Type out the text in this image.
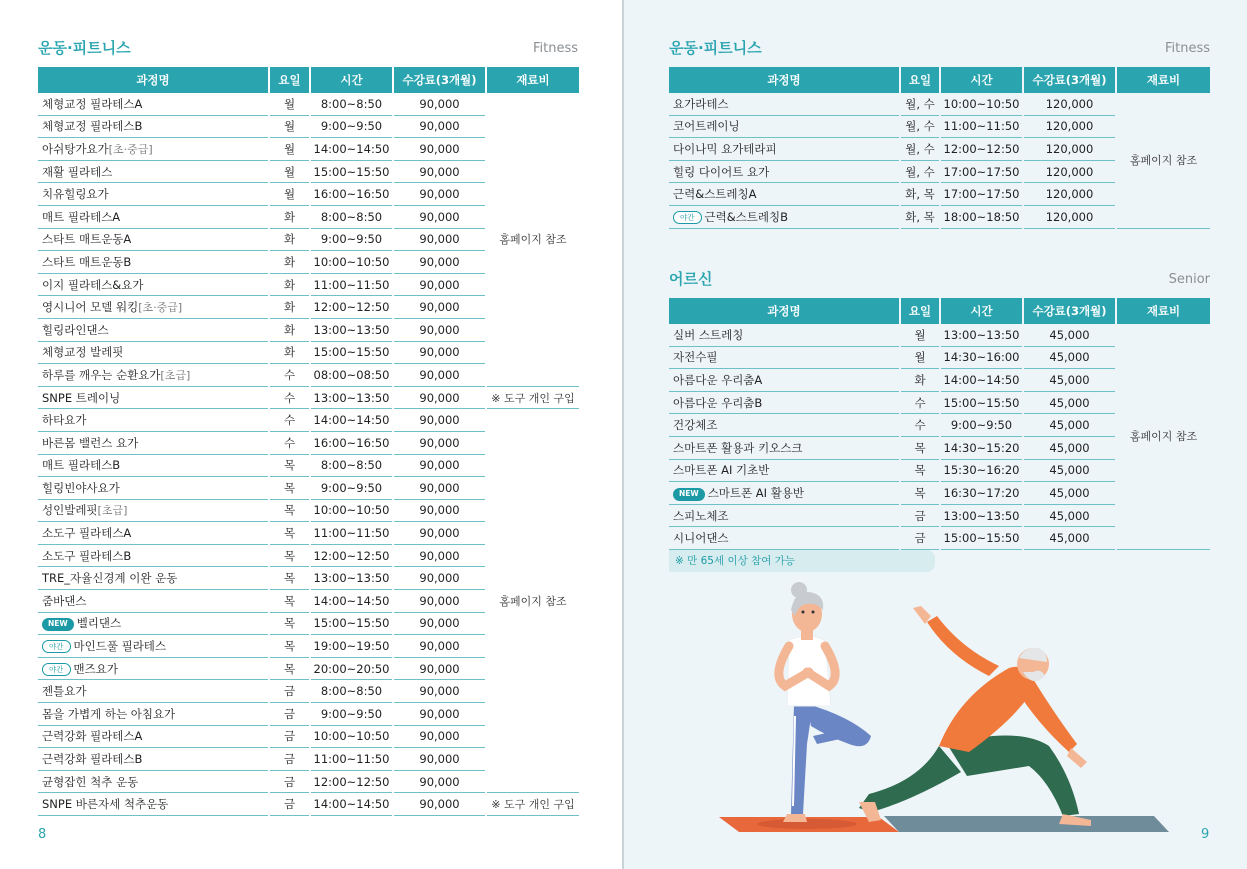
운동·피트니스	Fitness
과정명	요일	시간	수강료(3개월)	재료비
체형교정 필라테스A	월	8:00~8:50	90,000	홈페이지 참조
체형교정 필라테스B	월	9:00~9:50	90,000	
아쉬탕가요가[초·중급]	월	14:00~14:50	90,000	
재활 필라테스	월	15:00~15:50	90,000	
치유힐링요가	월	16:00~16:50	90,000	
매트 필라테스A	화	8:00~8:50	90,000	
스타트 매트운동A	화	9:00~9:50	90,000	
스타트 매트운동B	화	10:00~10:50	90,000	
이지 필라테스&요가	화	11:00~11:50	90,000	
영시니어 모델 워킹[초·중급]	화	12:00~12:50	90,000	
힐링라인댄스	화	13:00~13:50	90,000	
체형교정 발레핏	화	15:00~15:50	90,000	
하루를 깨우는 순환요가[초급]	수	08:00~08:50	90,000	
SNPE 트레이닝	수	13:00~13:50	90,000	※ 도구 개인 구입
하타요가	수	14:00~14:50	90,000	홈페이지 참조
바른몸 밸런스 요가	수	16:00~16:50	90,000	
매트 필라테스B	목	8:00~8:50	90,000	
힐링빈야사요가	목	9:00~9:50	90,000	
성인발레핏[초급]	목	10:00~10:50	90,000	
소도구 필라테스A	목	11:00~11:50	90,000	
소도구 필라테스B	목	12:00~12:50	90,000	
TRE_자율신경계 이완 운동	목	13:00~13:50	90,000	
줌바댄스	목	14:00~14:50	90,000	
NEW 벨리댄스	목	15:00~15:50	90,000	
야간 마인드풀 필라테스	목	19:00~19:50	90,000	
야간 맨즈요가	목	20:00~20:50	90,000	
젠틀요가	금	8:00~8:50	90,000	
몸을 가볍게 하는 아침요가	금	9:00~9:50	90,000	
근력강화 필라테스A	금	10:00~10:50	90,000	
근력강화 필라테스B	금	11:00~11:50	90,000	
균형잡힌 척추 운동	금	12:00~12:50	90,000	
SNPE 바른자세 척추운동	금	14:00~14:50	90,000	※ 도구 개인 구입
8
운동·피트니스	Fitness
과정명	요일	시간	수강료(3개월)	재료비
요가라테스	월, 수	10:00~10:50	120,000	홈페이지 참조
코어트레이닝	월, 수	11:00~11:50	120,000	
다이나믹 요가테라피	월, 수	12:00~12:50	120,000	
힐링 다이어트 요가	월, 수	17:00~17:50	120,000	
근력&스트레칭A	화, 목	17:00~17:50	120,000	
야간 근력&스트레칭B	화, 목	18:00~18:50	120,000	
어르신	Senior
과정명	요일	시간	수강료(3개월)	재료비
실버 스트레칭	월	13:00~13:50	45,000	홈페이지 참조
자전수필	월	14:30~16:00	45,000	
아름다운 우리춤A	화	14:00~14:50	45,000	
아름다운 우리춤B	수	15:00~15:50	45,000	
건강체조	수	9:00~9:50	45,000	
스마트폰 활용과 키오스크	목	14:30~15:20	45,000	
스마트폰 AI 기초반	목	15:30~16:20	45,000	
NEW 스마트폰 AI 활용반	목	16:30~17:20	45,000	
스피노체조	금	13:00~13:50	45,000	
시니어댄스	금	15:00~15:50	45,000	
※ 만 65세 이상 참여 가능
9
